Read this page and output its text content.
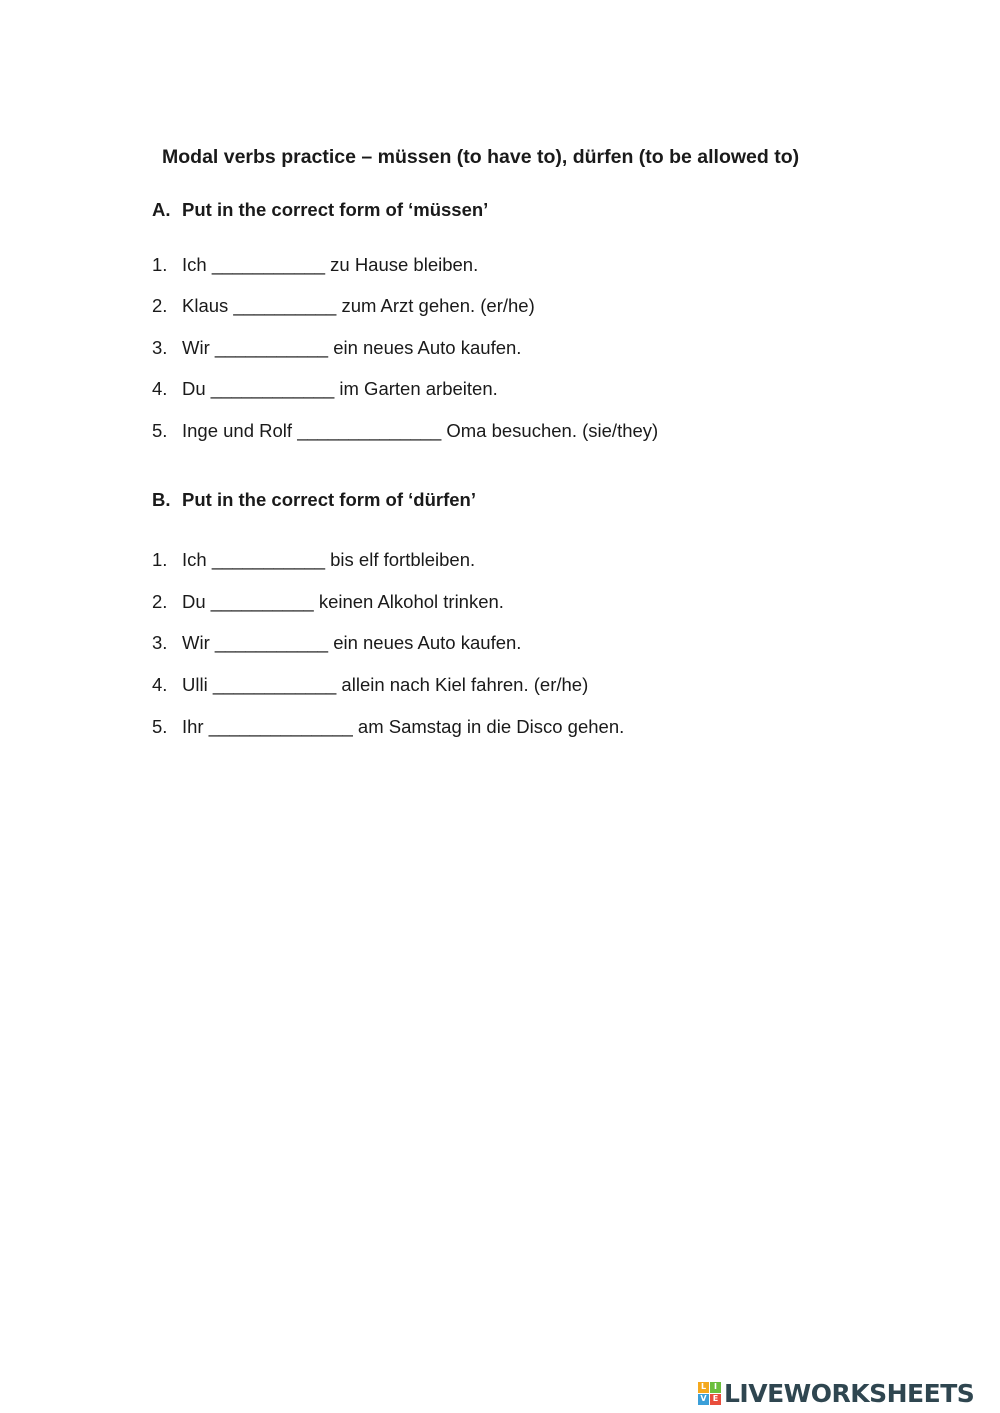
Modal verbs practice – müssen (to have to), dürfen (to be allowed to)
A. Put in the correct form of ‘müssen’
1. Ich ___________ zu Hause bleiben.
2. Klaus __________ zum Arzt gehen. (er/he)
3. Wir ___________ ein neues Auto kaufen.
4. Du ____________ im Garten arbeiten.
5. Inge und Rolf ______________ Oma besuchen. (sie/they)
B. Put in the correct form of ‘dürfen’
1. Ich ___________ bis elf fortbleiben.
2. Du __________ keinen Alkohol trinken.
3. Wir ___________ ein neues Auto kaufen.
4. Ulli ____________ allein nach Kiel fahren. (er/he)
5. Ihr ______________ am Samstag in die Disco gehen.
L I
V E LIVEWORKSHEETS
